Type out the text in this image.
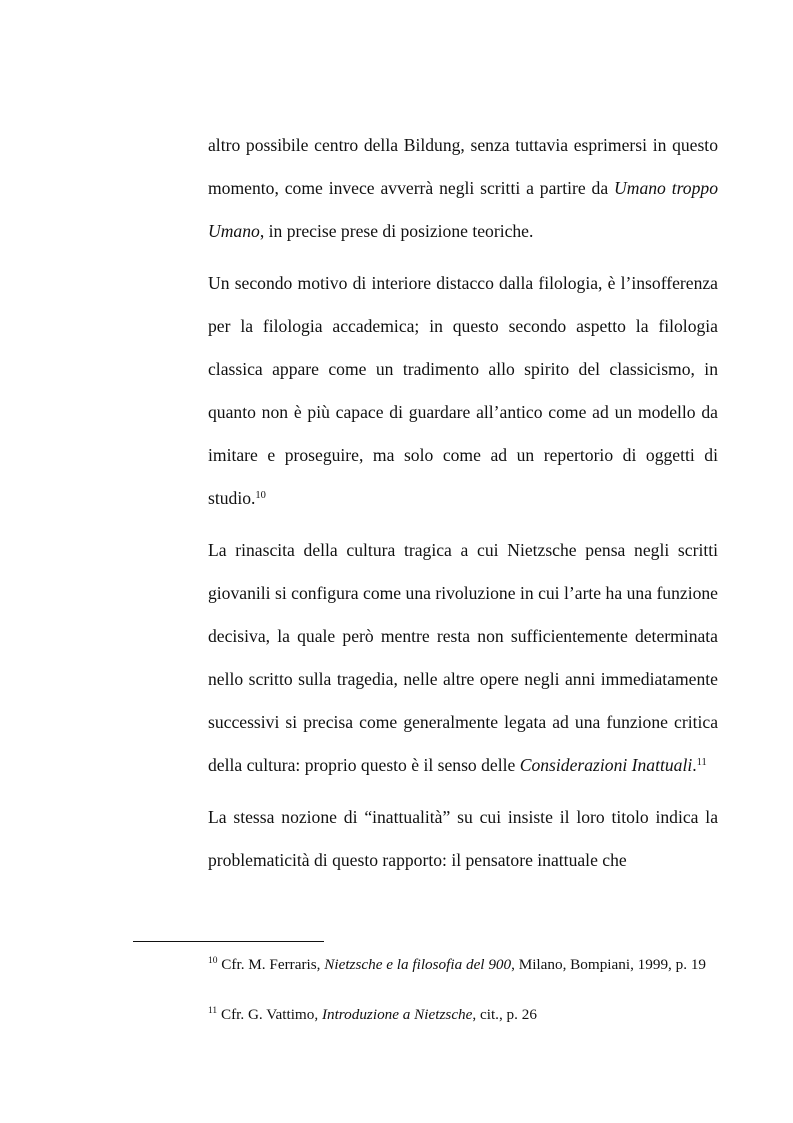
altro possibile centro della Bildung, senza tuttavia esprimersi in questo momento, come invece avverrà negli scritti a partire da Umano troppo Umano, in precise prese di posizione teoriche.

Un secondo motivo di interiore distacco dalla filologia, è l’insofferenza per la filologia accademica; in questo secondo aspetto la filologia classica appare come un tradimento allo spirito del classicismo, in quanto non è più capace di guardare all’antico come ad un modello da imitare e proseguire, ma solo come ad un repertorio di oggetti di studio.$^{10}$

La rinascita della cultura tragica a cui Nietzsche pensa negli scritti giovanili si configura come una rivoluzione in cui l’arte ha una funzione decisiva, la quale però mentre resta non sufficientemente determinata nello scritto sulla tragedia, nelle altre opere negli anni immediatamente successivi si precisa come generalmente legata ad una funzione critica della cultura: proprio questo è il senso delle Considerazioni Inattuali.$^{11}$

La stessa nozione di “inattualità” su cui insiste il loro titolo indica la problematicità di questo rapporto: il pensatore inattuale che

$^{10}$ Cfr. M. Ferraris, Nietzsche e la filosofia del 900, Milano, Bompiani, 1999, p. 19

$^{11}$ Cfr. G. Vattimo, Introduzione a Nietzsche, cit., p. 26
